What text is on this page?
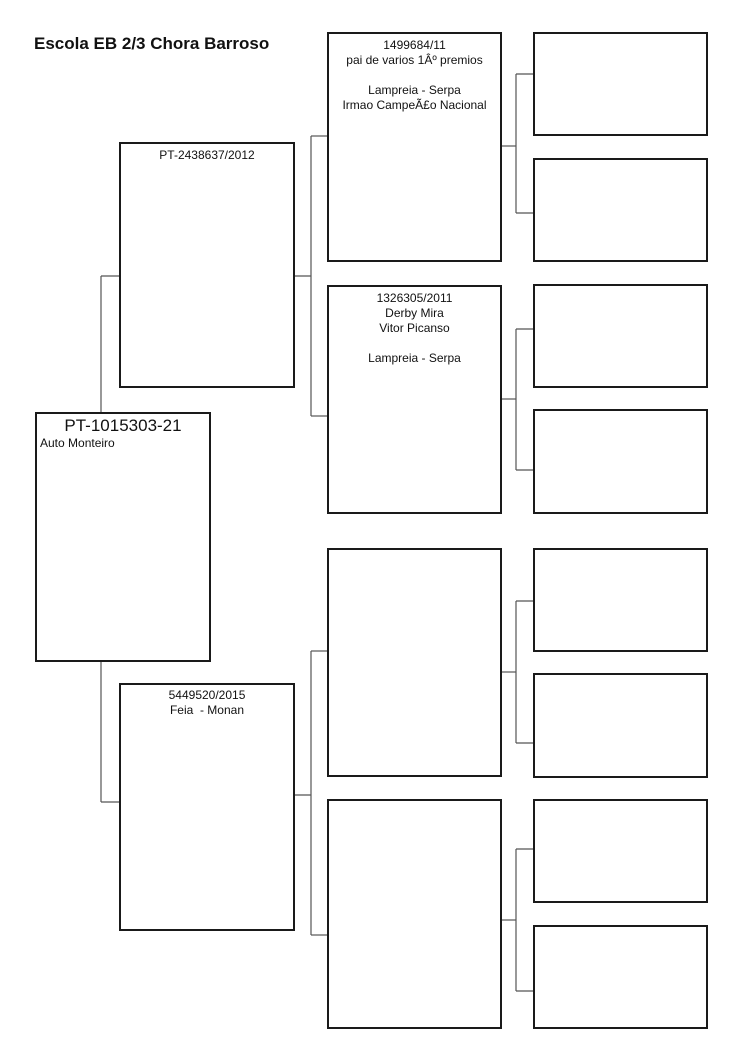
Escola EB 2/3 Chora Barroso
PT-1015303-21
Auto Monteiro
PT-2438637/2012
5449520/2015
Feia  - Monan
1499684/11
pai de varios 1Âº premios
Lampreia - Serpa
Irmao CampeÃ£o Nacional
1326305/2011
Derby Mira
Vitor Picanso
Lampreia - Serpa
